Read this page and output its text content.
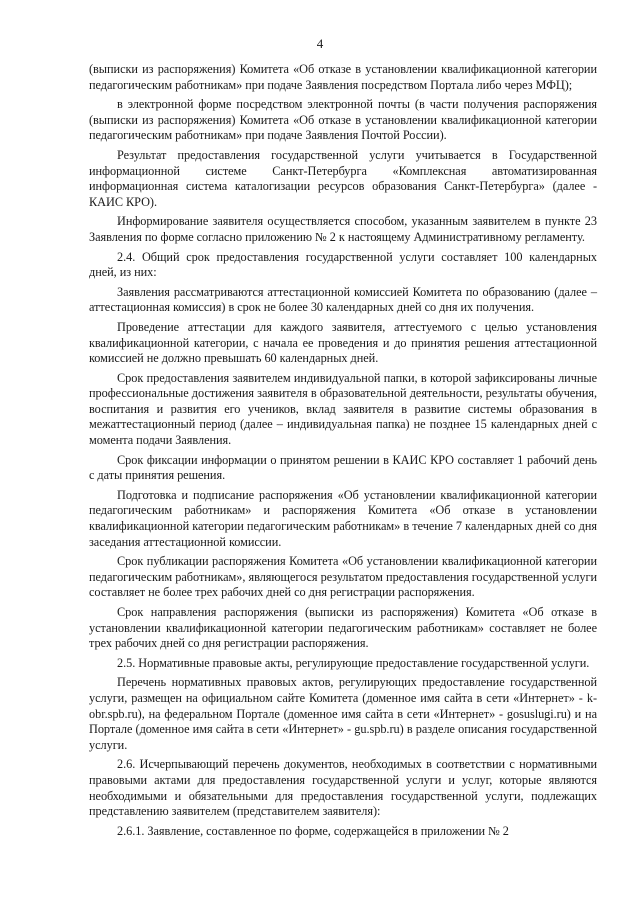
4

(выписки из распоряжения) Комитета «Об отказе в установлении квалификационной категории педагогическим работникам» при подаче Заявления посредством Портала либо через МФЦ);

в электронной форме посредством электронной почты (в части получения распоряжения (выписки из распоряжения) Комитета «Об отказе в установлении квалификационной категории педагогическим работникам» при подаче Заявления Почтой России).

Результат предоставления государственной услуги учитывается в Государственной информационной системе Санкт-Петербурга «Комплексная автоматизированная информационная система каталогизации ресурсов образования Санкт-Петербурга» (далее - КАИС КРО).

Информирование заявителя осуществляется способом, указанным заявителем в пункте 23 Заявления по форме согласно приложению № 2 к настоящему Административному регламенту.

2.4. Общий срок предоставления государственной услуги составляет 100 календарных дней, из них:

Заявления рассматриваются аттестационной комиссией Комитета по образованию (далее – аттестационная комиссия) в срок не более 30 календарных дней со дня их получения.

Проведение аттестации для каждого заявителя, аттестуемого с целью установления квалификационной категории, с начала ее проведения и до принятия решения аттестационной комиссией не должно превышать 60 календарных дней.

Срок предоставления заявителем индивидуальной папки, в которой зафиксированы личные профессиональные достижения заявителя в образовательной деятельности, результаты обучения, воспитания и развития его учеников, вклад заявителя в развитие системы образования в межаттестационный период (далее – индивидуальная папка) не позднее 15 календарных дней с момента подачи Заявления.

Срок фиксации информации о принятом решении в КАИС КРО составляет 1 рабочий день с даты принятия решения.

Подготовка и подписание распоряжения «Об установлении квалификационной категории педагогическим работникам» и распоряжения Комитета «Об отказе в установлении квалификационной категории педагогическим работникам» в течение 7 календарных дней со дня заседания аттестационной комиссии.

Срок публикации распоряжения Комитета «Об установлении квалификационной категории педагогическим работникам», являющегося результатом предоставления государственной услуги составляет не более трех рабочих дней со дня регистрации распоряжения.

Срок направления распоряжения (выписки из распоряжения) Комитета «Об отказе в установлении квалификационной категории педагогическим работникам» составляет не более трех рабочих дней со дня регистрации распоряжения.

2.5. Нормативные правовые акты, регулирующие предоставление государственной услуги.

Перечень нормативных правовых актов, регулирующих предоставление государственной услуги, размещен на официальном сайте Комитета (доменное имя сайта в сети «Интернет» - k-obr.spb.ru), на федеральном Портале (доменное имя сайта в сети «Интернет» - gosuslugi.ru) и на Портале (доменное имя сайта в сети «Интернет» - gu.spb.ru) в разделе описания государственной услуги.

2.6. Исчерпывающий перечень документов, необходимых в соответствии с нормативными правовыми актами для предоставления государственной услуги и услуг, которые являются необходимыми и обязательными для предоставления государственной услуги, подлежащих представлению заявителем (представителем заявителя):

2.6.1. Заявление, составленное по форме, содержащейся в приложении № 2
